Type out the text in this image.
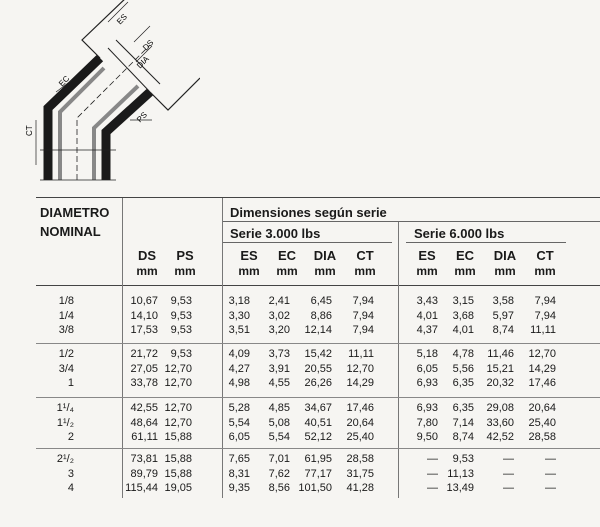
ES
DS
DIA
EC
PS
CT
DIAMETRO
NOMINAL
Dimensiones según serie
Serie 3.000 lbs	Serie 6.000 lbs
DS
mm
PS
mm
ES
mm
EC
mm
DIA
mm
CT
mm
ES
mm
EC
mm
DIA
mm
CT
mm
1/8	10,67 9,53	3,18 2,41 6,45 7,94	3,43 3,15 3,58 7,94
1/4	14,10 9,53	3,30 3,02 8,86 7,94	4,01 3,68 5,97 7,94
3/8	17,53 9,53	3,51 3,20 12,14 7,94	4,37 4,01 8,74 11,11
1/2	21,72 9,53	4,09 3,73 15,42 11,11	5,18 4,78 11,46 12,70
3/4	27,05 12,70	4,27 3,91 20,55 12,70	6,05 5,56 15,21 14,29
1	33,78 12,70	4,98 4,55 26,26 14,29	6,93 6,35 20,32 17,46
1¹/₄	42,55 12,70	5,28 4,85 34,67 17,46	6,93 6,35 29,08 20,64
1¹/₂	48,64 12,70	5,54 5,08 40,51 20,64	7,80 7,14 33,60 25,40
2	61,11 15,88	6,05 5,54 52,12 25,40	9,50 8,74 42,52 28,58
2¹/₂	73,81 15,88	7,65 7,01 61,95 28,58	— 9,53	—	—
3	89,79 15,88	8,31 7,62 77,17 31,75	— 11,13	—	—
4	115,44 19,05	9,35 8,56 101,50 41,28	— 13,49	—	—
